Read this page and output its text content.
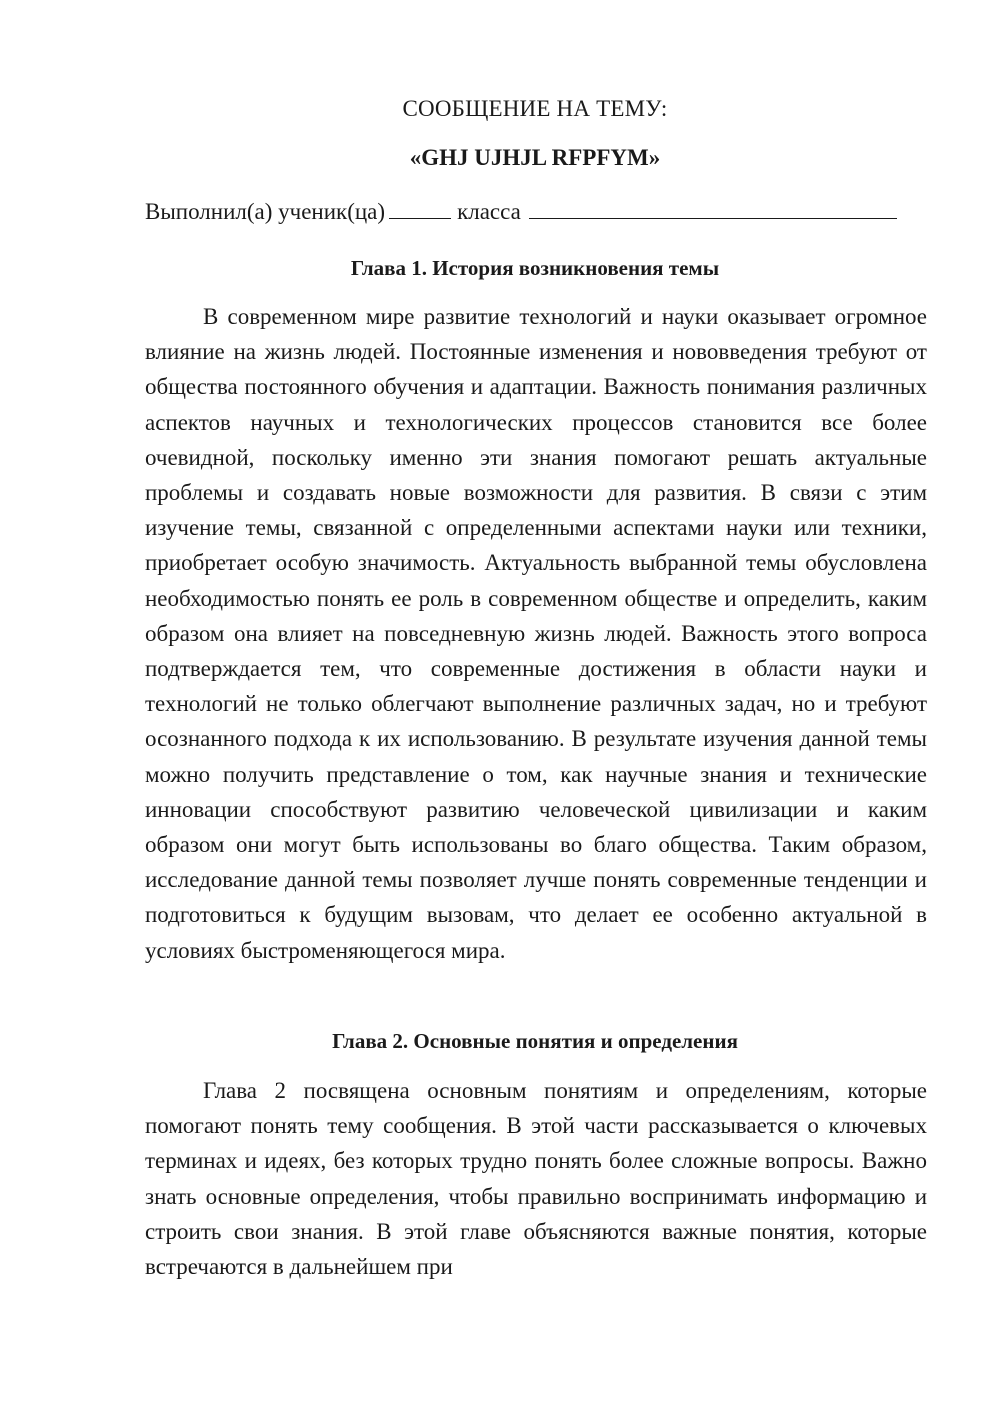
СООБЩЕНИЕ НА ТЕМУ:
«GHJ UJHJL RFPFYM»
Выполнил(а) ученик(ца)	класса
Глава 1. История возникновения темы

В современном мире развитие технологий и науки оказывает огромное влияние на жизнь людей. Постоянные изменения и нововведения требуют от общества постоянного обучения и адаптации. Важность понимания различных аспектов научных и технологических процессов становится все более очевидной, поскольку именно эти знания помогают решать актуальные проблемы и создавать новые возможности для развития. В связи с этим изучение темы, связанной с определенными аспектами науки или техники, приобретает особую значимость. Актуальность выбранной темы обусловлена необходимостью понять ее роль в современном обществе и определить, каким образом она влияет на повседневную жизнь людей. Важность этого вопроса подтверждается тем, что современные достижения в области науки и технологий не только облегчают выполнение различных задач, но и требуют осознанного подхода к их использованию. В результате изучения данной темы можно получить представление о том, как научные знания и технические инновации способствуют развитию человеческой цивилизации и каким образом они могут быть использованы во благо общества. Таким образом, исследование данной темы позволяет лучше понять современные тенденции и подготовиться к будущим вызовам, что делает ее особенно актуальной в условиях быстроменяющегося мира.

Глава 2. Основные понятия и определения

Глава 2 посвящена основным понятиям и определениям, которые помогают понять тему сообщения. В этой части рассказывается о ключевых терминах и идеях, без которых трудно понять более сложные вопросы. Важно знать основные определения, чтобы правильно воспринимать информацию и строить свои знания. В этой главе объясняются важные понятия, которые встречаются в дальнейшем при
